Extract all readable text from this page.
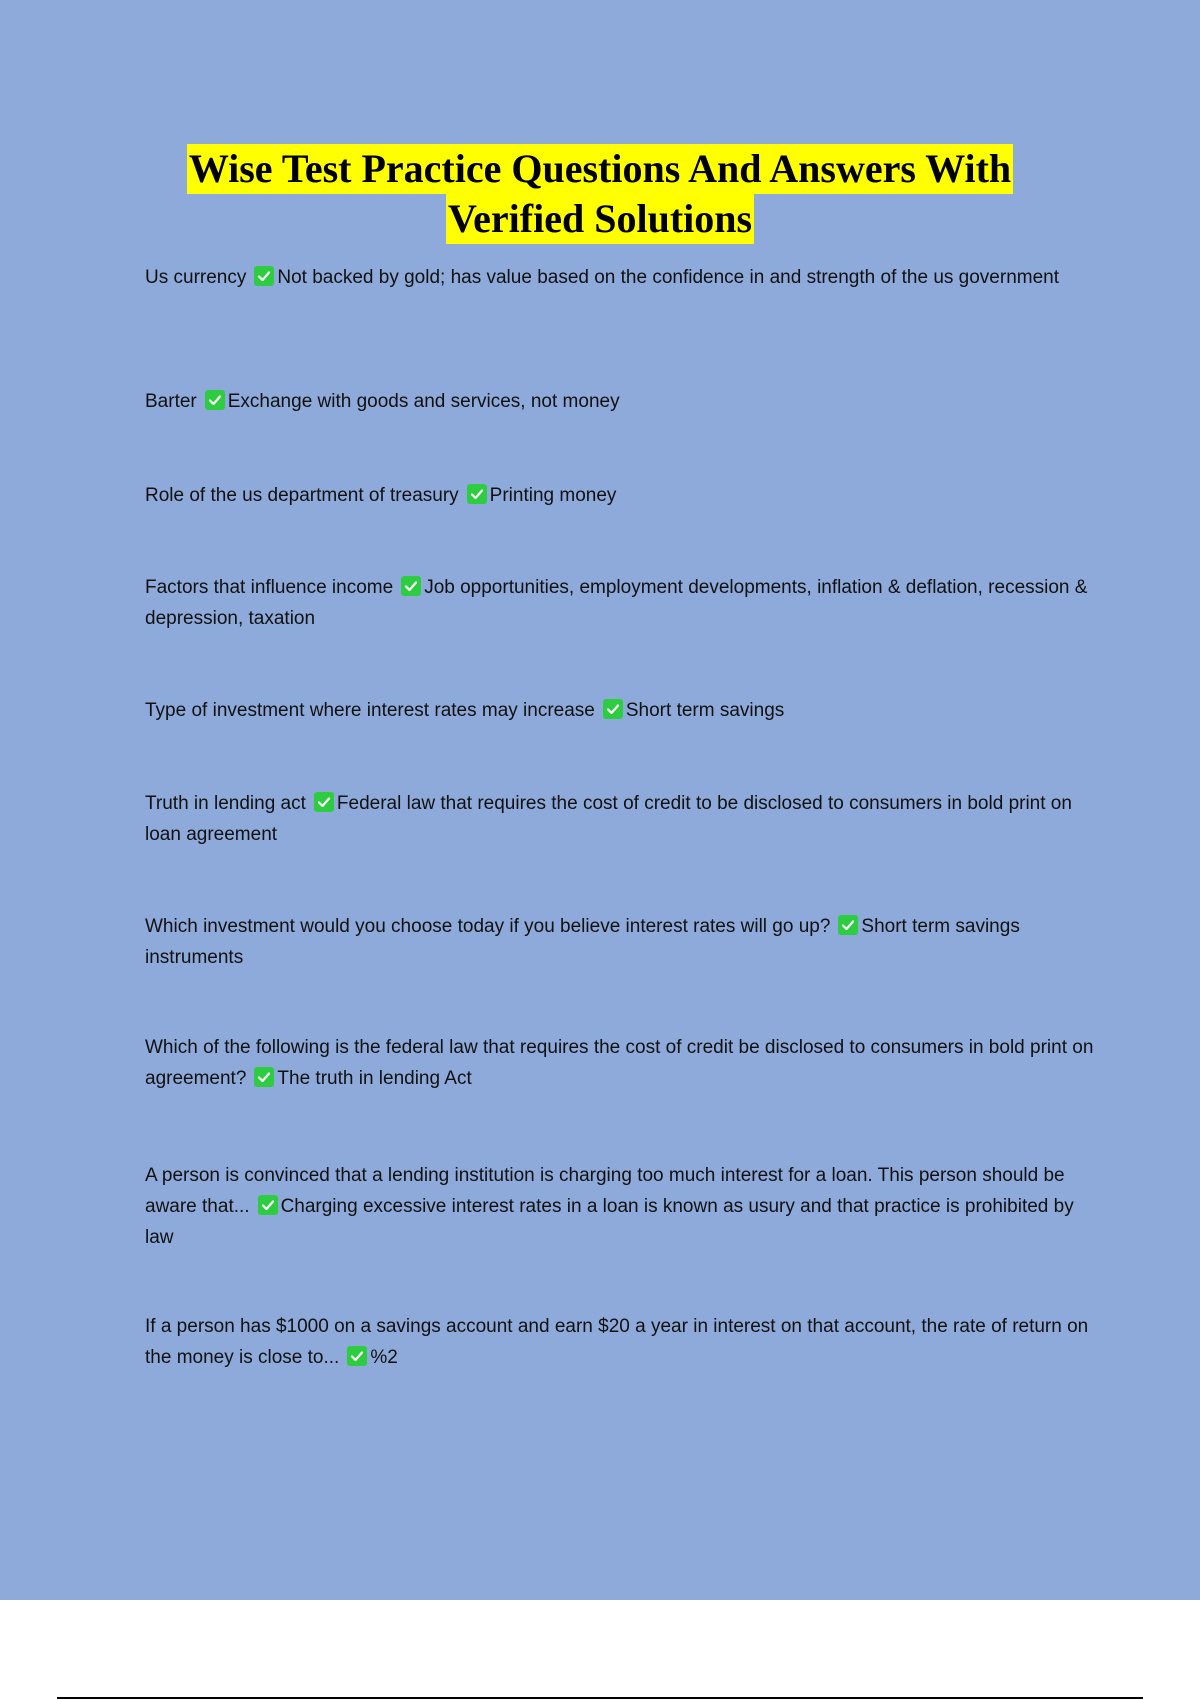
Wise Test Practice Questions And Answers With
Verified Solutions

Us currency Not backed by gold; has value based on the confidence in and strength of the us government

Barter Exchange with goods and services, not money

Role of the us department of treasury Printing money

Factors that influence income Job opportunities, employment developments, inflation & deflation, recession & depression, taxation

Type of investment where interest rates may increase Short term savings

Truth in lending act Federal law that requires the cost of credit to be disclosed to consumers in bold print on loan agreement

Which investment would you choose today if you believe interest rates will go up? Short term savings instruments

Which of the following is the federal law that requires the cost of credit be disclosed to consumers in bold print on agreement? The truth in lending Act

A person is convinced that a lending institution is charging too much interest for a loan. This person should be aware that... Charging excessive interest rates in a loan is known as usury and that practice is prohibited by law

If a person has $1000 on a savings account and earn $20 a year in interest on that account, the rate of return on the money is close to... %2
